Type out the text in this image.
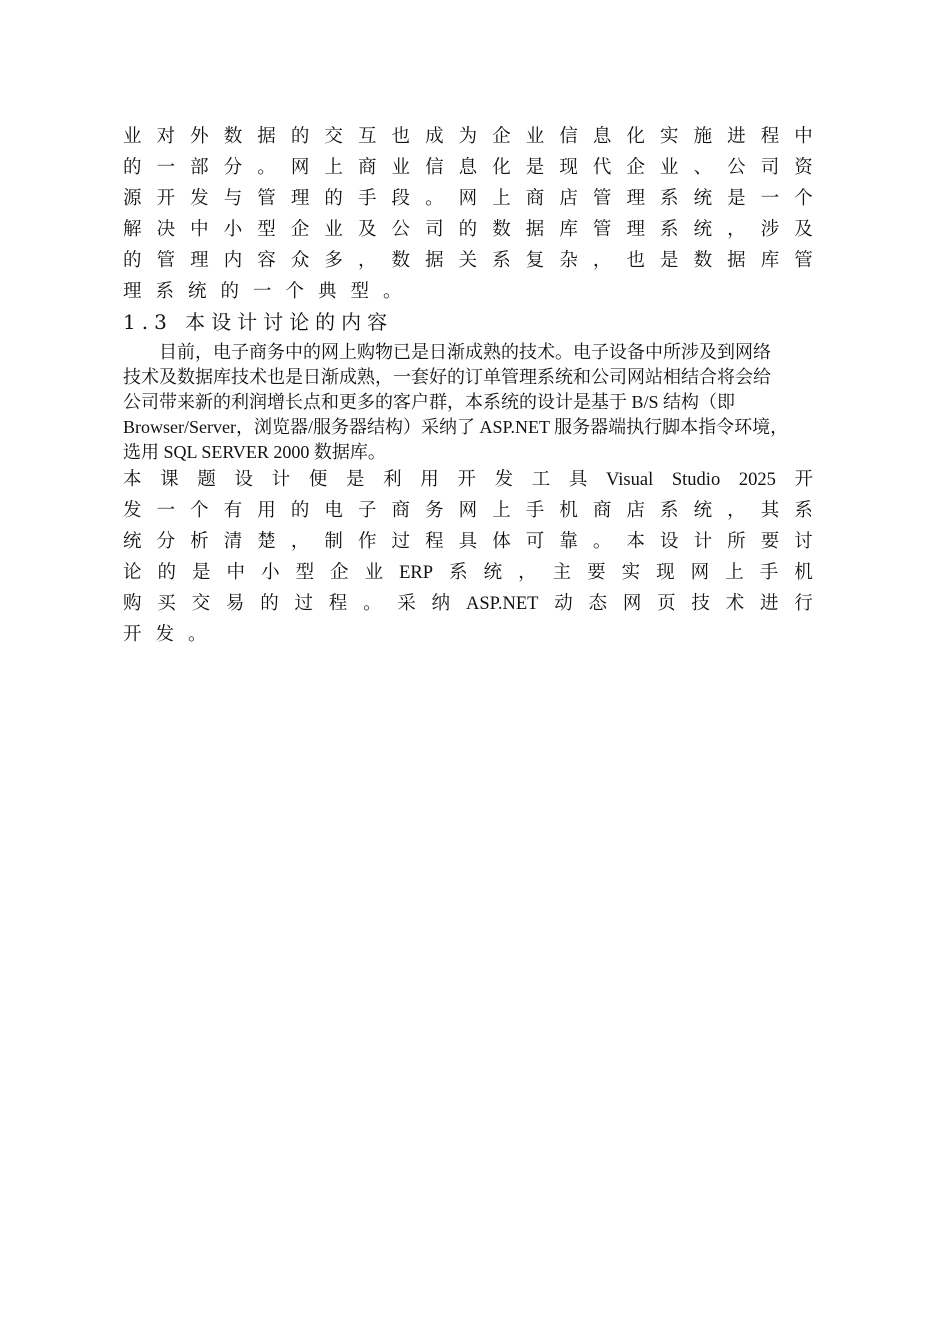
业 对 外 数 据 的 交 互 也 成 为 企 业 信 息 化 实 施 进 程 中
的 一 部 分 。 网 上 商 业 信 息 化 是 现 代 企 业 、 公 司 资
源 开 发 与 管 理 的 手 段 。 网 上 商 店 管 理 系 统 是 一 个
解 决 中 小 型 企 业 及 公 司 的 数 据 库 管 理 系 统 ， 涉 及
的 管 理 内 容 众 多 ， 数 据 关 系 复 杂 ， 也 是 数 据 库 管
理系统的一个典型。
1.3 本设计讨论的内容
　　目前，电子商务中的网上购物已是日渐成熟的技术。电子设备中所涉及到网络
技术及数据库技术也是日渐成熟，一套好的订单管理系统和公司网站相结合将会给
公司带来新的利润增长点和更多的客户群，本系统的设计是基于 B/S 结构（即
Browser/Server，浏览器/服务器结构）采纳了 ASP.NET 服务器端执行脚本指令环境，
选用 SQL SERVER 2000 数据库。
本 课 题 设 计 便 是 利 用 开 发 工 具 Visual Studio 2025 开
发 一 个 有 用 的 电 子 商 务 网 上 手 机 商 店 系 统 ， 其 系
统 分 析 清 楚 ， 制 作 过 程 具 体 可 靠 。 本 设 计 所 要 讨
论 的 是 中 小 型 企 业 ERP 系 统 ， 主 要 实 现 网 上 手 机
购 买 交 易 的 过 程 。 采 纳 ASP.NET 动 态 网 页 技 术 进 行
开发。
